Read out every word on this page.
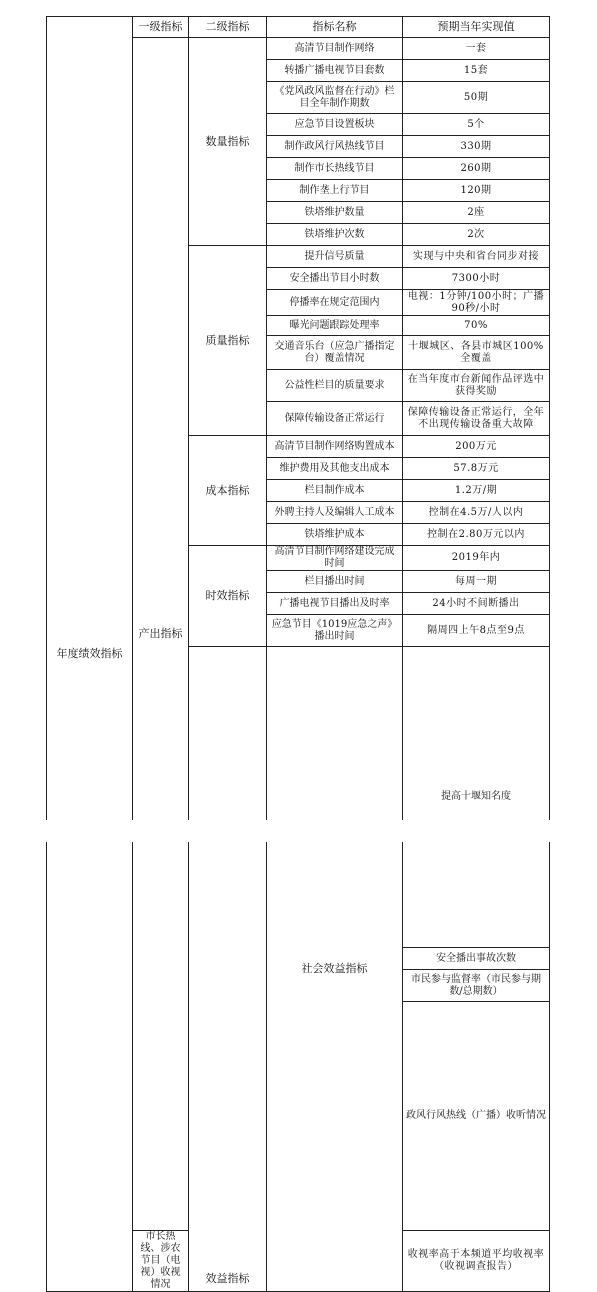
年度绩效指标	一级指标	二级指标	指标名称	预期当年实现值	
	产出指标	数量指标	高清节目制作网络	一套	
			转播广播电视节目套数	15套	
			《党风政风监督在行动》栏目全年制作期数	50期	
			应急节目设置板块	5个	
			制作政风行风热线节目	330期	
			制作市长热线节目	260期	
			制作垄上行节目	120期	
			铁塔维护数量	2座	
			铁塔维护次数	2次	
		质量指标	提升信号质量	实现与中央和省台同步对接	
			安全播出节目小时数	7300小时	
			停播率在规定范围内	电视：1分钟/100小时；广播90秒/小时	
			曝光问题跟踪处理率	70%	
			交通音乐台（应急广播指定台）覆盖情况	十堰城区、各县市城区100%全覆盖	
			公益性栏目的质量要求	在当年度市台新闻作品评选中获得奖励	
			保障传输设备正常运行	保障传输设备正常运行，全年不出现传输设备重大故障	
		成本指标	高清节目制作网络购置成本	200万元	
			维护费用及其他支出成本	57.8万元	
			栏目制作成本	1.2万/期	
			外聘主持人及编辑人工成本	控制在4.5万/人以内	
			铁塔维护成本	控制在2.80万元以内	
		时效指标	高清节目制作网络建设完成时间	2019年内	
			栏目播出时间	每周一期	
			广播电视节目播出及时率	24小时不间断播出	
			应急节目《1019应急之声》播出时间	隔周四上午8点至9点	
		效益指标	社会效益指标	提高十堰知名度	
				安全播出事故次数	
				市民参与监督率（市民参与期数/总期数）	
				政风行风热线（广播）收听情况	
	市长热线、涉农节目（电视）收视情况			收视率高于本频道平均收视率（收视调查报告）	
